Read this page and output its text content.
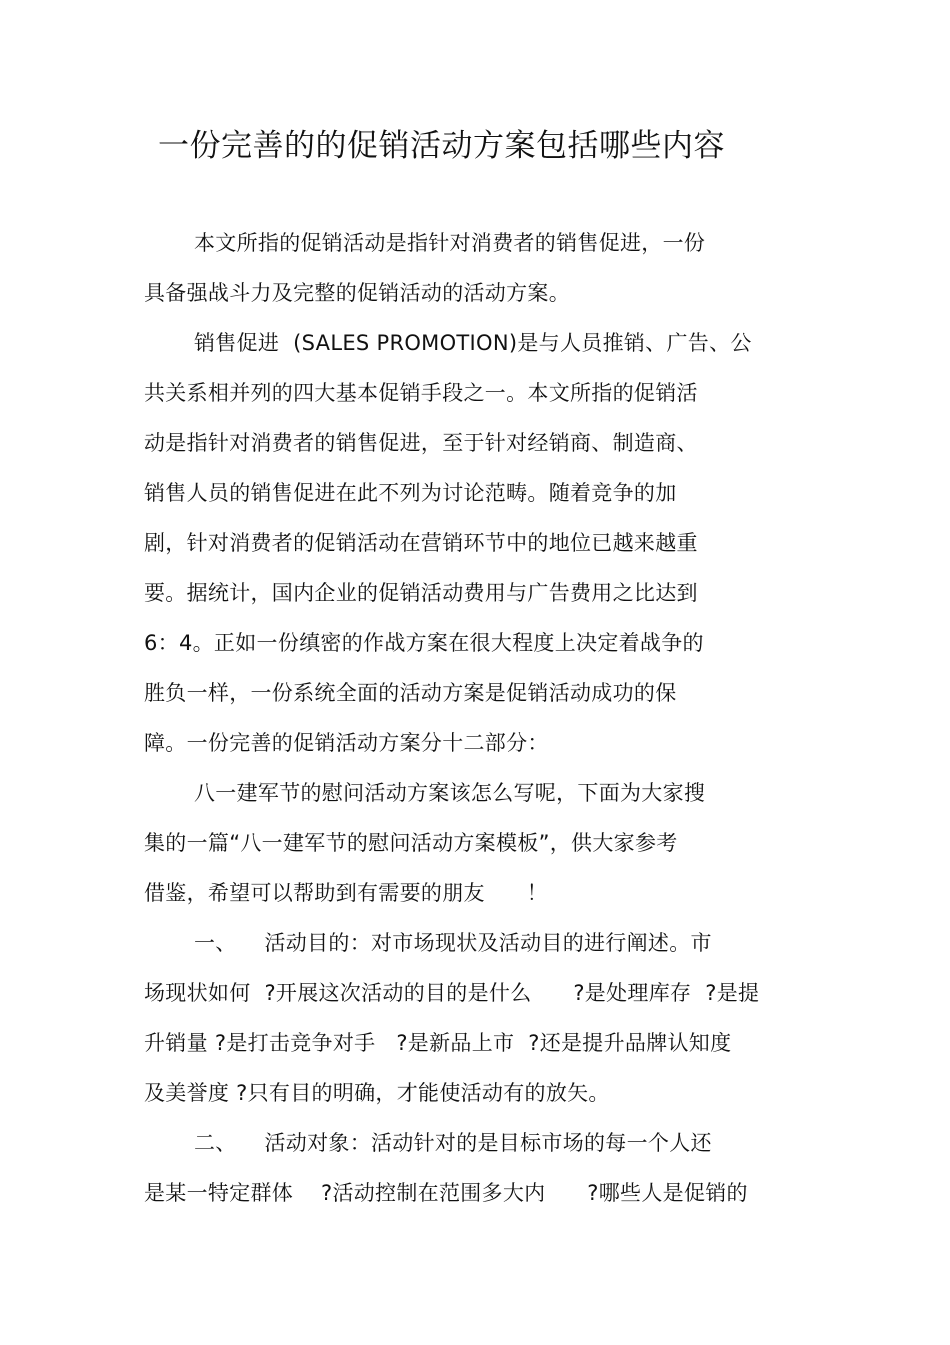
一份完善的的促销活动方案包括哪些内容
本文所指的促销活动是指针对消费者的销售促进，一份
具备强战斗力及完整的促销活动的活动方案。
销售促进  (SALES PROMOTION)是与人员推销、广告、公
共关系相并列的四大基本促销手段之一。本文所指的促销活
动是指针对消费者的销售促进，至于针对经销商、制造商、
销售人员的销售促进在此不列为讨论范畴。随着竞争的加
剧，针对消费者的促销活动在营销环节中的地位已越来越重
要。据统计，国内企业的促销活动费用与广告费用之比达到
6：4。正如一份缜密的作战方案在很大程度上决定着战争的
胜负一样，一份系统全面的活动方案是促销活动成功的保
障。一份完善的促销活动方案分十二部分：
八一建军节的慰问活动方案该怎么写呢，下面为大家搜
集的一篇“八一建军节的慰问活动方案模板”，供大家参考
借鉴，希望可以帮助到有需要的朋友      ！
一、    活动目的：对市场现状及活动目的进行阐述。市
场现状如何  ?开展这次活动的目的是什么      ?是处理库存  ?是提
升销量 ?是打击竞争对手   ?是新品上市  ?还是提升品牌认知度
及美誉度 ?只有目的明确，才能使活动有的放矢。
二、    活动对象：活动针对的是目标市场的每一个人还
是某一特定群体    ?活动控制在范围多大内      ?哪些人是促销的
